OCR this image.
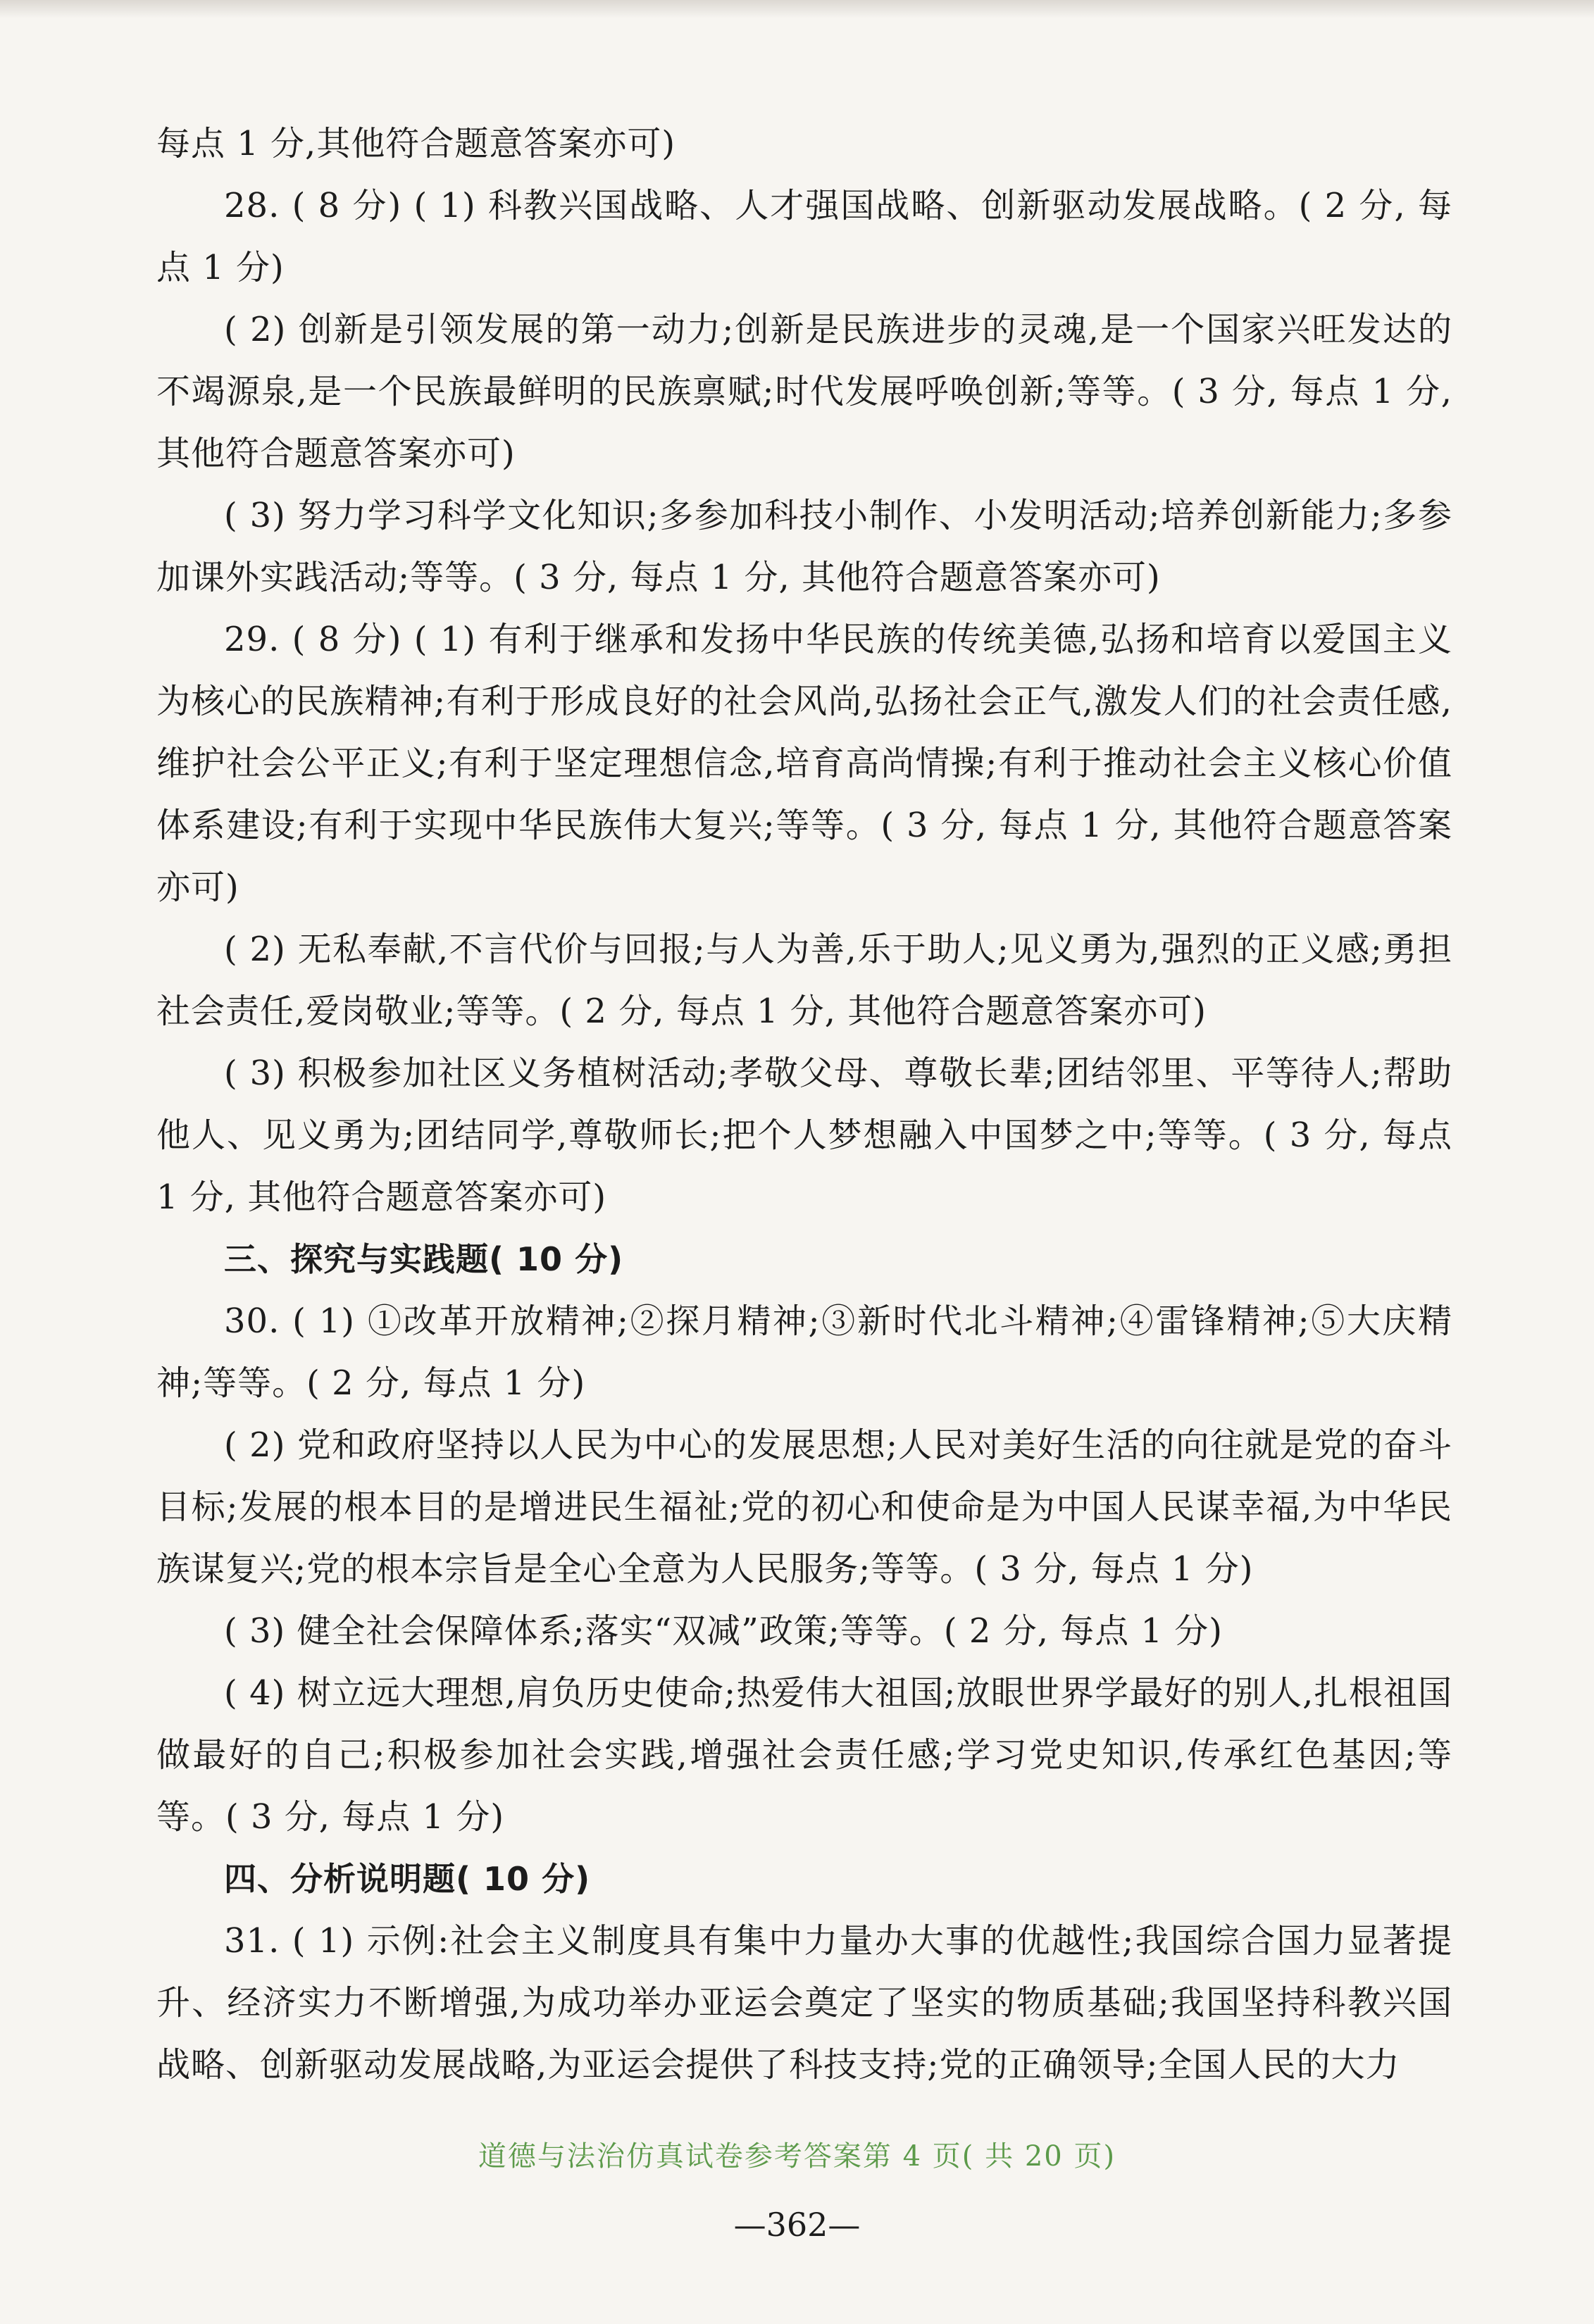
每点 1 分,其他符合题意答案亦可)

28. ( 8 分) ( 1) 科教兴国战略、人才强国战略、创新驱动发展战略。( 2 分, 每点 1 分)

( 2) 创新是引领发展的第一动力;创新是民族进步的灵魂,是一个国家兴旺发达的不竭源泉,是一个民族最鲜明的民族禀赋;时代发展呼唤创新;等等。( 3 分, 每点 1 分, 其他符合题意答案亦可)

( 3) 努力学习科学文化知识;多参加科技小制作、小发明活动;培养创新能力;多参加课外实践活动;等等。( 3 分, 每点 1 分, 其他符合题意答案亦可)

29. ( 8 分) ( 1) 有利于继承和发扬中华民族的传统美德,弘扬和培育以爱国主义为核心的民族精神;有利于形成良好的社会风尚,弘扬社会正气,激发人们的社会责任感,维护社会公平正义;有利于坚定理想信念,培育高尚情操;有利于推动社会主义核心价值体系建设;有利于实现中华民族伟大复兴;等等。( 3 分, 每点 1 分, 其他符合题意答案亦可)

( 2) 无私奉献,不言代价与回报;与人为善,乐于助人;见义勇为,强烈的正义感;勇担社会责任,爱岗敬业;等等。( 2 分, 每点 1 分, 其他符合题意答案亦可)

( 3) 积极参加社区义务植树活动;孝敬父母、尊敬长辈;团结邻里、平等待人;帮助他人、见义勇为;团结同学,尊敬师长;把个人梦想融入中国梦之中;等等。( 3 分, 每点 1 分, 其他符合题意答案亦可)

三、探究与实践题( 10 分)

30. ( 1) ①改革开放精神;②探月精神;③新时代北斗精神;④雷锋精神;⑤大庆精神;等等。( 2 分, 每点 1 分)

( 2) 党和政府坚持以人民为中心的发展思想;人民对美好生活的向往就是党的奋斗目标;发展的根本目的是增进民生福祉;党的初心和使命是为中国人民谋幸福,为中华民族谋复兴;党的根本宗旨是全心全意为人民服务;等等。( 3 分, 每点 1 分)

( 3) 健全社会保障体系;落实“双减”政策;等等。( 2 分, 每点 1 分)

( 4) 树立远大理想,肩负历史使命;热爱伟大祖国;放眼世界学最好的别人,扎根祖国做最好的自己;积极参加社会实践,增强社会责任感;学习党史知识,传承红色基因;等等。( 3 分, 每点 1 分)

四、分析说明题( 10 分)

31. ( 1) 示例:社会主义制度具有集中力量办大事的优越性;我国综合国力显著提升、经济实力不断增强,为成功举办亚运会奠定了坚实的物质基础;我国坚持科教兴国战略、创新驱动发展战略,为亚运会提供了科技支持;党的正确领导;全国人民的大力

道德与法治仿真试卷参考答案第 4 页( 共 20 页)
—362—
